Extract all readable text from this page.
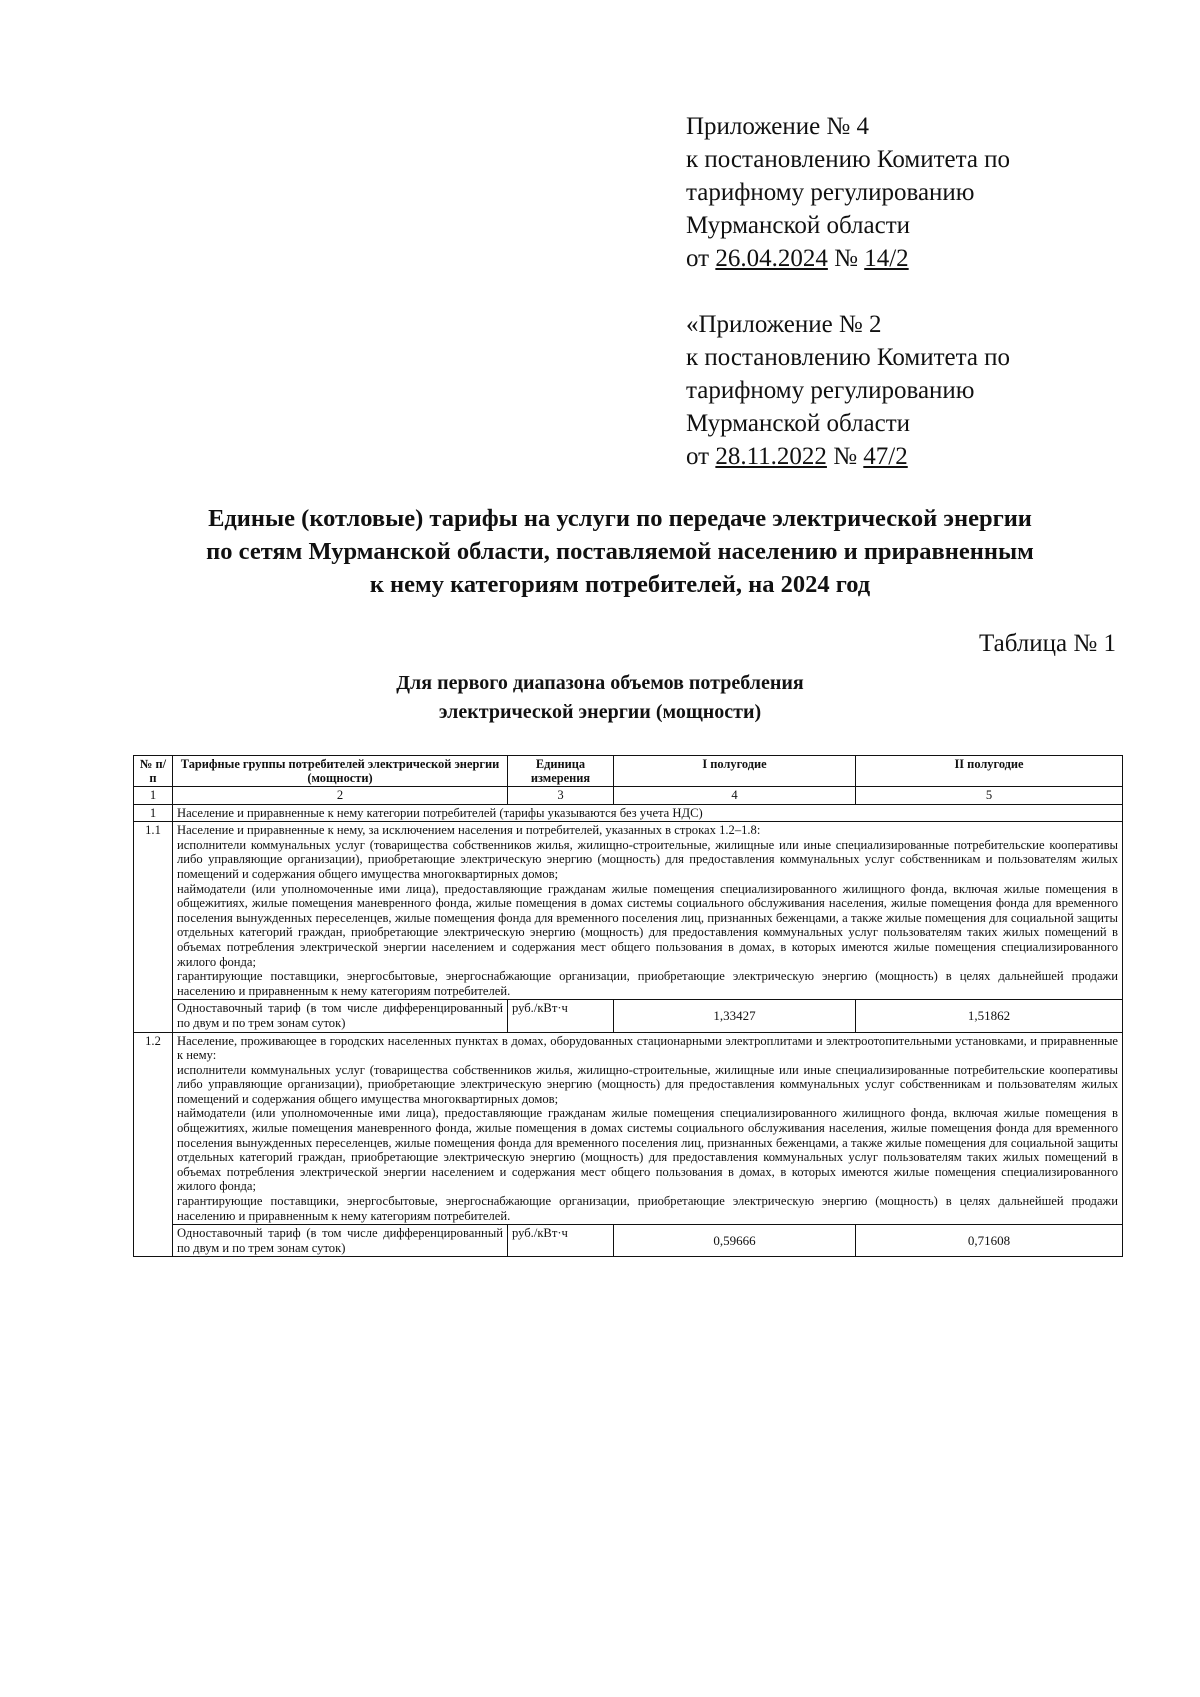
Приложение № 4
к постановлению Комитета по
тарифному регулированию
Мурманской области
от 26.04.2024 № 14/2
«Приложение № 2
к постановлению Комитета по
тарифному регулированию
Мурманской области
от 28.11.2022 № 47/2
Единые (котловые) тарифы на услуги по передаче электрической энергии
по сетям Мурманской области, поставляемой населению и приравненным
к нему категориям потребителей, на 2024 год
Таблица № 1
Для первого диапазона объемов потребления
электрической энергии (мощности)
№ п/п	Тарифные группы потребителей электрической энергии (мощности)	Единица измерения	I полугодие	II полугодие
1	2	3	4	5
1	Население и приравненные к нему категории потребителей (тарифы указываются без учета НДС)			
1.1	Население и приравненные к нему, за исключением населения и потребителей, указанных в строках 1.2–1.8:

исполнители коммунальных услуг (товарищества собственников жилья, жилищно-строительные, жилищные или иные специализированные потребительские кооперативы либо управляющие организации), приобретающие электрическую энергию (мощность) для предоставления коммунальных услуг собственникам и пользователям жилых помещений и содержания общего имущества многоквартирных домов;

наймодатели (или уполномоченные ими лица), предоставляющие гражданам жилые помещения специализированного жилищного фонда, включая жилые помещения в общежитиях, жилые помещения маневренного фонда, жилые помещения в домах системы социального обслуживания населения, жилые помещения фонда для временного поселения вынужденных переселенцев, жилые помещения фонда для временного поселения лиц, признанных беженцами, а также жилые помещения для социальной защиты отдельных категорий граждан, приобретающие электрическую энергию (мощность) для предоставления коммунальных услуг пользователям таких жилых помещений в объемах потребления электрической энергии населением и содержания мест общего пользования в домах, в которых имеются жилые помещения специализированного жилого фонда;

гарантирующие поставщики, энергосбытовые, энергоснабжающие организации, приобретающие электрическую энергию (мощность) в целях дальнейшей продажи населению и приравненным к нему категориям потребителей.			

	Одноставочный тариф (в том числе дифференцированный по двум и по трем зонам суток)	руб./кВт·ч	1,33427	1,51862
1.2	Население, проживающее в городских населенных пунктах в домах, оборудованных стационарными электроплитами и электроотопительными установками, и приравненные к нему:

исполнители коммунальных услуг (товарищества собственников жилья, жилищно-строительные, жилищные или иные специализированные потребительские кооперативы либо управляющие организации), приобретающие электрическую энергию (мощность) для предоставления коммунальных услуг собственникам и пользователям жилых помещений и содержания общего имущества многоквартирных домов;

наймодатели (или уполномоченные ими лица), предоставляющие гражданам жилые помещения специализированного жилищного фонда, включая жилые помещения в общежитиях, жилые помещения маневренного фонда, жилые помещения в домах системы социального обслуживания населения, жилые помещения фонда для временного поселения вынужденных переселенцев, жилые помещения фонда для временного поселения лиц, признанных беженцами, а также жилые помещения для социальной защиты отдельных категорий граждан, приобретающие электрическую энергию (мощность) для предоставления коммунальных услуг пользователям таких жилых помещений в объемах потребления электрической энергии населением и содержания мест общего пользования в домах, в которых имеются жилые помещения специализированного жилого фонда;

гарантирующие поставщики, энергосбытовые, энергоснабжающие организации, приобретающие электрическую энергию (мощность) в целях дальнейшей продажи населению и приравненным к нему категориям потребителей.			

	Одноставочный тариф (в том числе дифференцированный по двум и по трем зонам суток)	руб./кВт·ч	0,59666	0,71608
